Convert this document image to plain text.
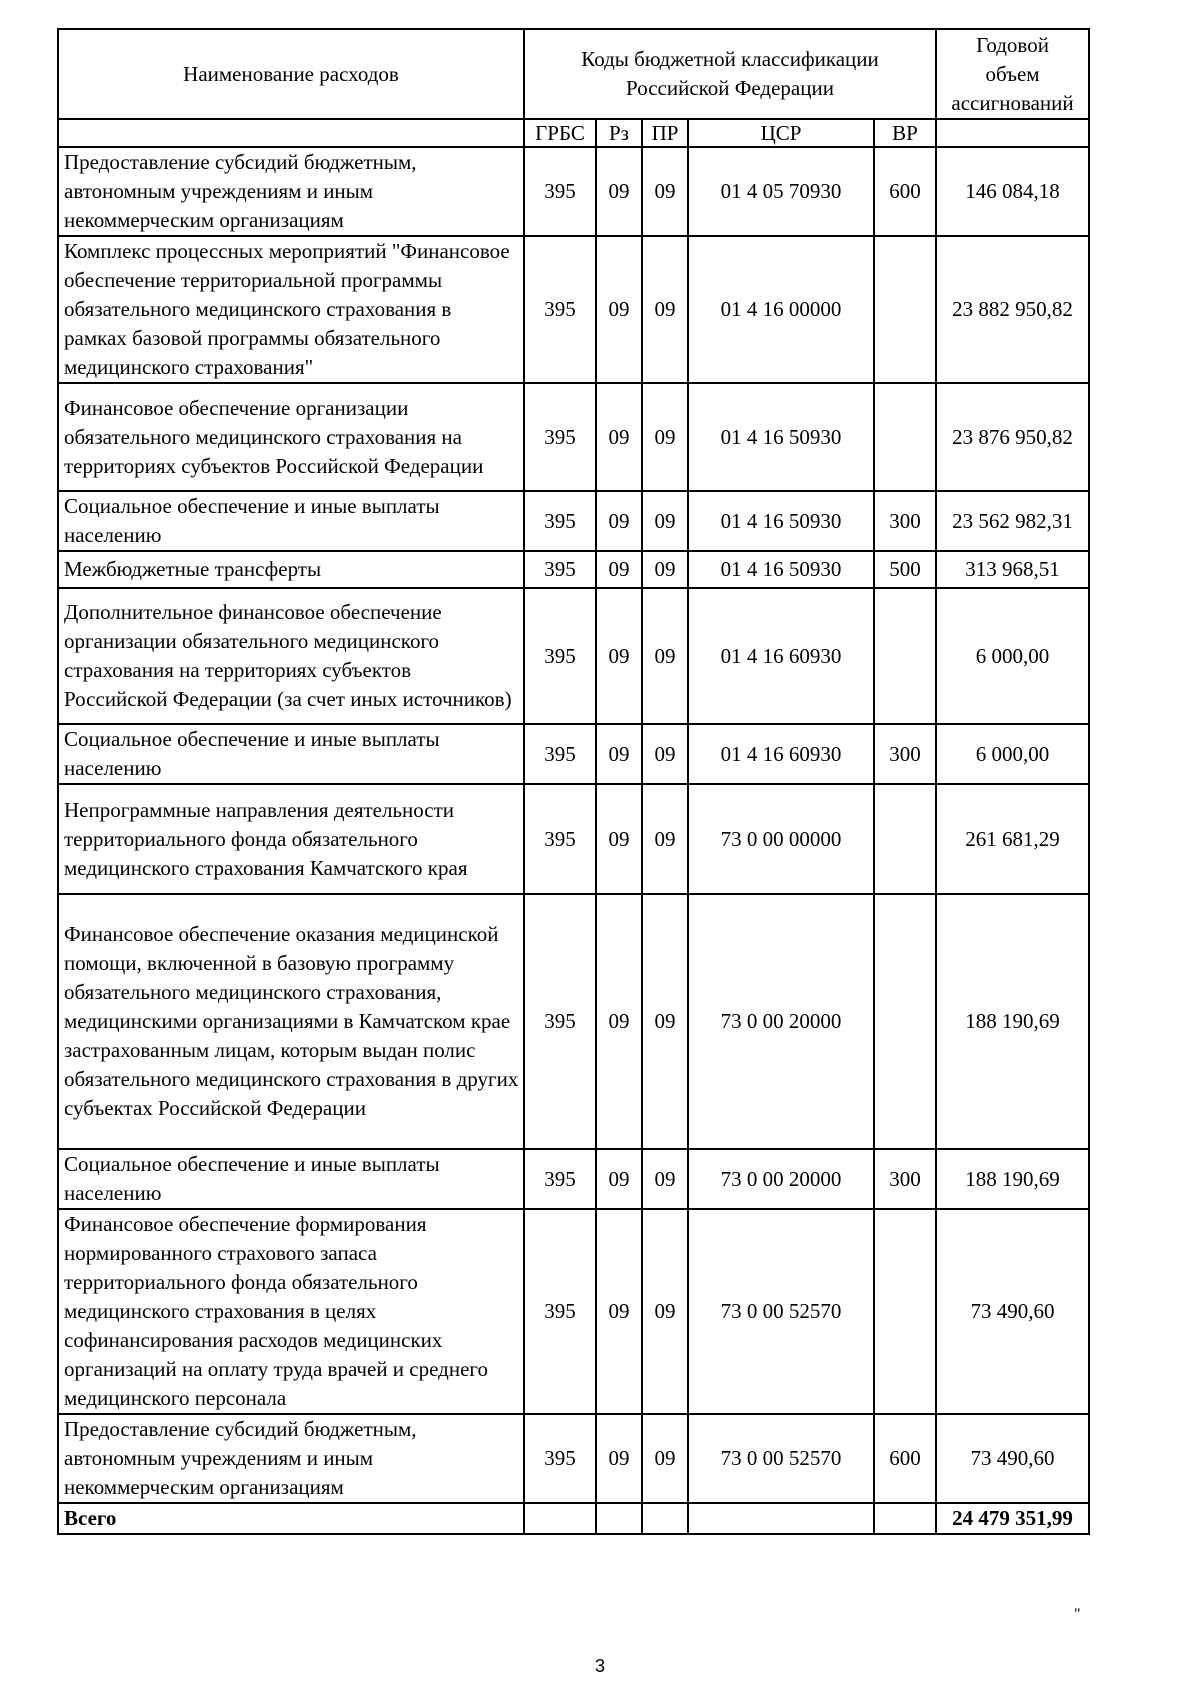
Наименование расходов	Коды бюджетной классификации Российской Федерации					Годовой
объем
ассигнований
	ГРБС	Рз	ПР	ЦСР	ВР	
Предоставление субсидий бюджетным, автономным учреждениям и иным некоммерческим организациям	395	09	09	01 4 05 70930	600	146 084,18
Комплекс процессных мероприятий "Финансовое обеспечение территориальной программы обязательного медицинского страхования в рамках базовой программы обязательного медицинского страхования"	395	09	09	01 4 16 00000		23 882 950,82
Финансовое обеспечение организации обязательного медицинского страхования на территориях субъектов Российской Федерации	395	09	09	01 4 16 50930		23 876 950,82
Социальное обеспечение и иные выплаты населению	395	09	09	01 4 16 50930	300	23 562 982,31
Межбюджетные трансферты	395	09	09	01 4 16 50930	500	313 968,51
Дополнительное финансовое обеспечение организации обязательного медицинского страхования на территориях субъектов Российской Федерации (за счет иных источников)	395	09	09	01 4 16 60930		6 000,00
Социальное обеспечение и иные выплаты населению	395	09	09	01 4 16 60930	300	6 000,00
Непрограммные направления деятельности территориального фонда обязательного медицинского страхования Камчатского края	395	09	09	73 0 00 00000		261 681,29
Финансовое обеспечение оказания медицинской помощи, включенной в базовую программу обязательного медицинского страхования, медицинскими организациями в Камчатском крае застрахованным лицам, которым выдан полис обязательного медицинского страхования в других субъектах Российской Федерации	395	09	09	73 0 00 20000		188 190,69
Социальное обеспечение и иные выплаты населению	395	09	09	73 0 00 20000	300	188 190,69
Финансовое обеспечение формирования нормированного страхового запаса территориального фонда обязательного медицинского страхования в целях софинансирования расходов медицинских организаций на оплату труда врачей и среднего медицинского персонала	395	09	09	73 0 00 52570		73 490,60
Предоставление субсидий бюджетным, автономным учреждениям и иным некоммерческим организациям	395	09	09	73 0 00 52570	600	73 490,60
Всего						24 479 351,99
"
3
